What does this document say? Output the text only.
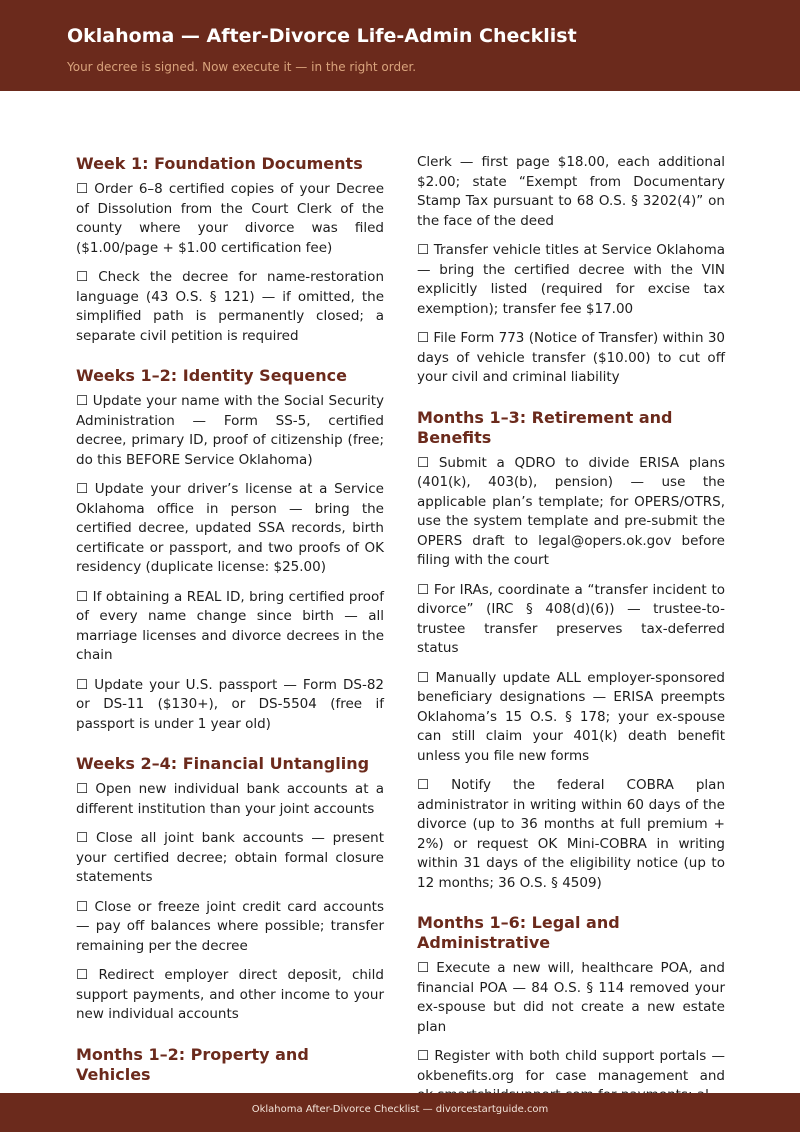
Oklahoma — After-Divorce Life-Admin Checklist
Your decree is signed. Now execute it — in the right order.
Week 1: Foundation Documents
☐ Order 6–8 certified copies of your Decree of Dissolution from the Court Clerk of the county where your divorce was filed ($1.00/page + $1.00 certification fee)
☐ Check the decree for name-restoration language (43 O.S. § 121) — if omitted, the simplified path is permanently closed; a separate civil petition is required
Weeks 1–2: Identity Sequence
☐ Update your name with the Social Security Administration — Form SS-5, certified decree, primary ID, proof of citizenship (free; do this BEFORE Service Oklahoma)
☐ Update your driver’s license at a Service Oklahoma office in person — bring the certified decree, updated SSA records, birth certificate or passport, and two proofs of OK residency (duplicate license: $25.00)
☐ If obtaining a REAL ID, bring certified proof of every name change since birth — all marriage licenses and divorce decrees in the chain
☐ Update your U.S. passport — Form DS-82 or DS-11 ($130+), or DS-5504 (free if passport is under 1 year old)
Weeks 2–4: Financial Untangling
☐ Open new individual bank accounts at a different institution than your joint accounts
☐ Close all joint bank accounts — present your certified decree; obtain formal closure statements
☐ Close or freeze joint credit card accounts — pay off balances where possible; transfer remaining per the decree
☐ Redirect employer direct deposit, child support payments, and other income to your new individual accounts
Months 1–2: Property and Vehicles
Clerk — first page $18.00, each additional $2.00; state “Exempt from Documentary Stamp Tax pursuant to 68 O.S. § 3202(4)” on the face of the deed
☐ Transfer vehicle titles at Service Oklahoma — bring the certified decree with the VIN explicitly listed (required for excise tax exemption); transfer fee $17.00
☐ File Form 773 (Notice of Transfer) within 30 days of vehicle transfer ($10.00) to cut off your civil and criminal liability
Months 1–3: Retirement and Benefits
☐ Submit a QDRO to divide ERISA plans (401(k), 403(b), pension) — use the applicable plan’s template; for OPERS/OTRS, use the system template and pre-submit the OPERS draft to legal@opers.ok.gov before filing with the court
☐ For IRAs, coordinate a “transfer incident to divorce” (IRC § 408(d)(6)) — trustee-to-trustee transfer preserves tax-deferred status
☐ Manually update ALL employer-sponsored beneficiary designations — ERISA preempts Oklahoma’s 15 O.S. § 178; your ex-spouse can still claim your 401(k) death benefit unless you file new forms
☐ Notify the federal COBRA plan administrator in writing within 60 days of the divorce (up to 36 months at full premium + 2%) or request OK Mini-COBRA in writing within 31 days of the eligibility notice (up to 12 months; 36 O.S. § 4509)
Months 1–6: Legal and Administrative
☐ Execute a new will, healthcare POA, and financial POA — 84 O.S. § 114 removed your ex-spouse but did not create a new estate plan
☐ Register with both child support portals — okbenefits.org for case management and
Oklahoma After-Divorce Checklist — divorcestartguide.com
